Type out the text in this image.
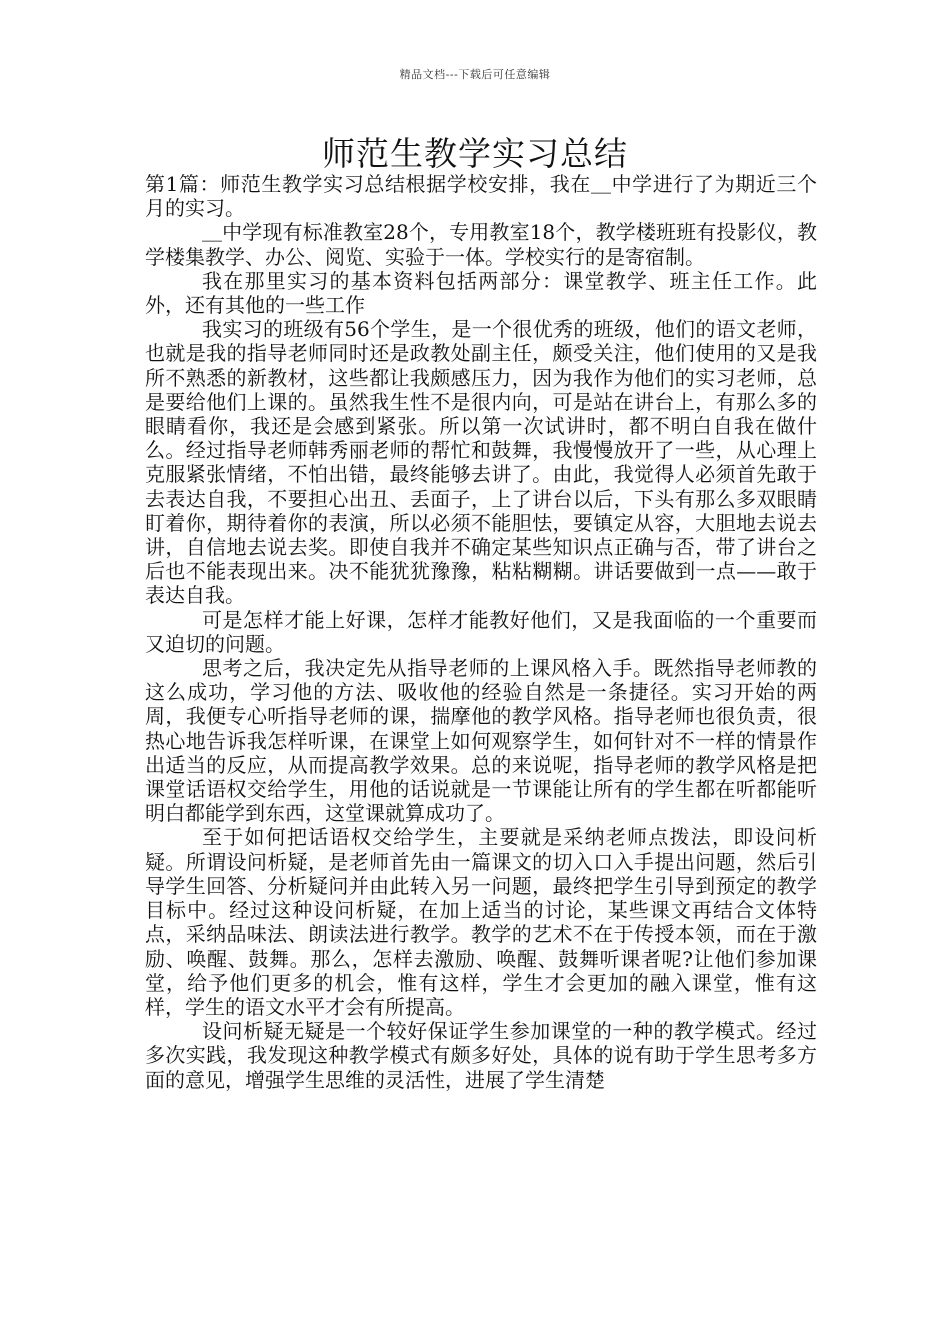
精品文档---下载后可任意编辑
师范生教学实习总结

第1篇：师范生教学实习总结根据学校安排，我在＿中学进行了为期近三个月的实习。

＿中学现有标准教室28个，专用教室18个，教学楼班班有投影仪，教学楼集教学、办公、阅览、实验于一体。学校实行的是寄宿制。

我在那里实习的基本资料包括两部分：课堂教学、班主任工作。此外，还有其他的一些工作

我实习的班级有56个学生，是一个很优秀的班级，他们的语文老师，也就是我的指导老师同时还是政教处副主任，颇受关注，他们使用的又是我所不熟悉的新教材，这些都让我颇感压力，因为我作为他们的实习老师，总是要给他们上课的。虽然我生性不是很内向，可是站在讲台上，有那么多的眼睛看你，我还是会感到紧张。所以第一次试讲时，都不明白自我在做什么。经过指导老师韩秀丽老师的帮忙和鼓舞，我慢慢放开了一些，从心理上克服紧张情绪，不怕出错，最终能够去讲了。由此，我觉得人必须首先敢于去表达自我，不要担心出丑、丢面子，上了讲台以后，下头有那么多双眼睛盯着你，期待着你的表演，所以必须不能胆怯，要镇定从容，大胆地去说去讲，自信地去说去奖。即使自我并不确定某些知识点正确与否，带了讲台之后也不能表现出来。决不能犹犹豫豫，粘粘糊糊。讲话要做到一点——敢于表达自我。

可是怎样才能上好课，怎样才能教好他们，又是我面临的一个重要而又迫切的问题。

思考之后，我决定先从指导老师的上课风格入手。既然指导老师教的这么成功，学习他的方法、吸收他的经验自然是一条捷径。实习开始的两周，我便专心听指导老师的课，揣摩他的教学风格。指导老师也很负责，很热心地告诉我怎样听课，在课堂上如何观察学生，如何针对不一样的情景作出适当的反应，从而提高教学效果。总的来说呢，指导老师的教学风格是把课堂话语权交给学生，用他的话说就是一节课能让所有的学生都在听都能听明白都能学到东西，这堂课就算成功了。

至于如何把话语权交给学生，主要就是采纳老师点拨法，即设问析疑。所谓设问析疑，是老师首先由一篇课文的切入口入手提出问题，然后引导学生回答、分析疑问并由此转入另一问题，最终把学生引导到预定的教学目标中。经过这种设问析疑，在加上适当的讨论，某些课文再结合文体特点，采纳品味法、朗读法进行教学。教学的艺术不在于传授本领，而在于激励、唤醒、鼓舞。那么，怎样去激励、唤醒、鼓舞听课者呢?让他们参加课堂，给予他们更多的机会，惟有这样，学生才会更加的融入课堂，惟有这样，学生的语文水平才会有所提高。

设问析疑无疑是一个较好保证学生参加课堂的一种的教学模式。经过多次实践，我发现这种教学模式有颇多好处，具体的说有助于学生思考多方面的意见，增强学生思维的灵活性，进展了学生清楚
